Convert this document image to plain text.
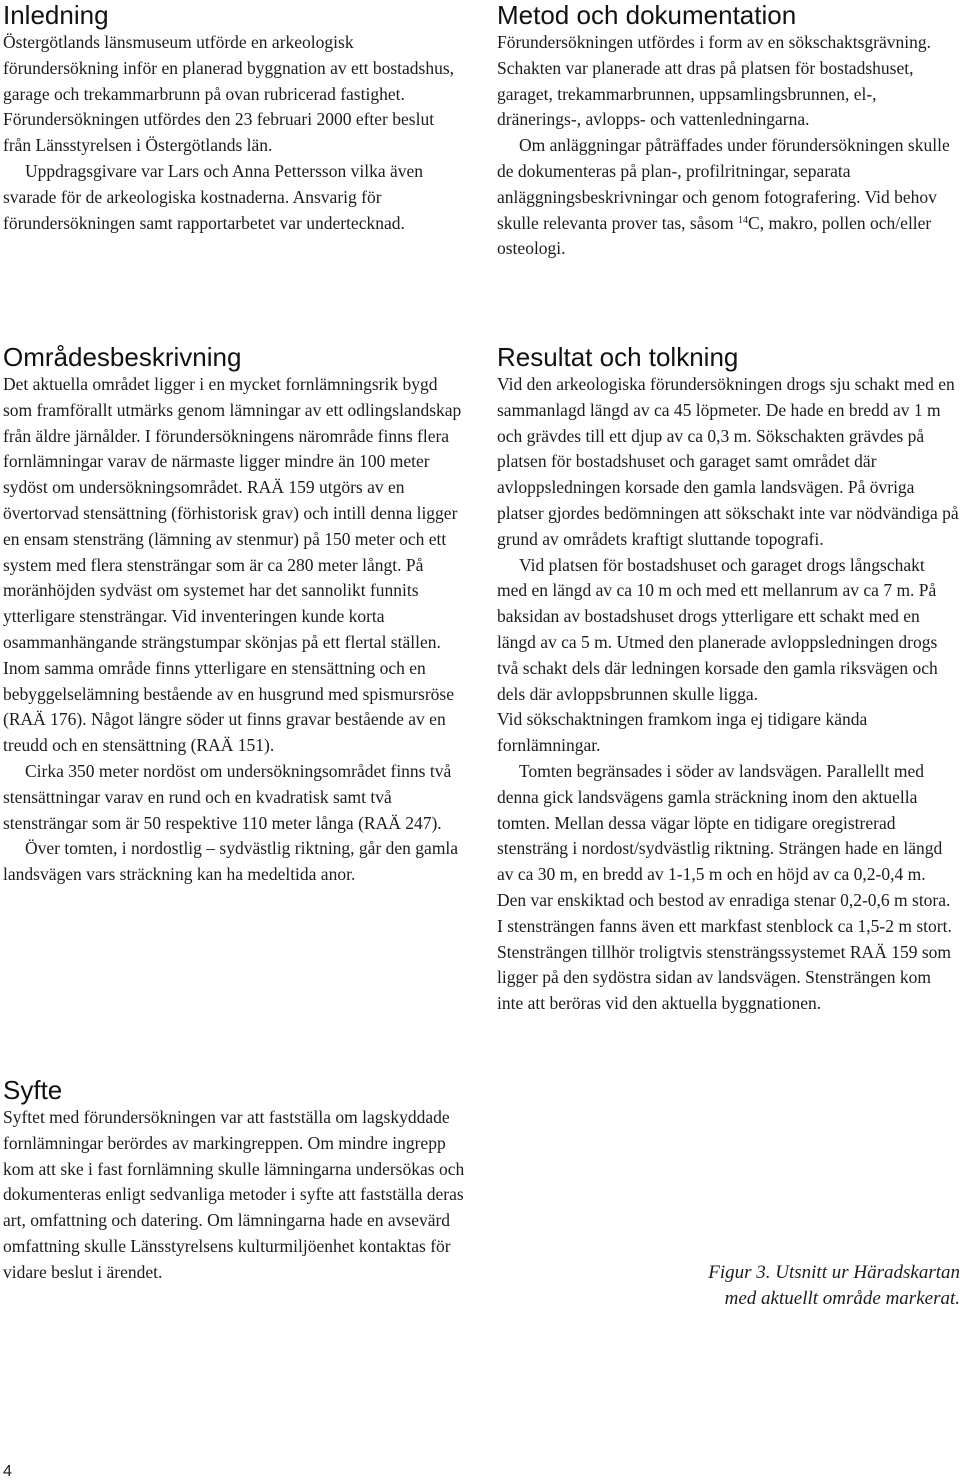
Inledning

Östergötlands länsmuseum utförde en arkeologisk förundersökning inför en planerad byggnation av ett bostadshus, garage och trekammarbrunn på ovan rubricerad fastighet. Förundersökningen utfördes den 23 februari 2000 efter beslut från Länsstyrelsen i Östergötlands län.

Uppdragsgivare var Lars och Anna Pettersson vilka även svarade för de arkeologiska kostnaderna. Ansvarig för förundersökningen samt rapportarbetet var undertecknad.

Områdesbeskrivning

Det aktuella området ligger i en mycket fornlämningsrik bygd som framförallt utmärks genom lämningar av ett odlingslandskap från äldre järnålder. I förundersökningens närområde finns flera fornlämningar varav de närmaste ligger mindre än 100 meter sydöst om undersökningsområdet. RAÄ 159 utgörs av en övertorvad stensättning (förhistorisk grav) och intill denna ligger en ensam stensträng (lämning av stenmur) på 150 meter och ett system med flera stensträngar som är ca 280 meter långt. På moränhöjden sydväst om systemet har det sannolikt funnits ytterligare stensträngar. Vid inventeringen kunde korta osammanhängande strängstumpar skönjas på ett flertal ställen. Inom samma område finns ytterligare en stensättning och en bebyggelselämning bestående av en husgrund med spismursröse (RAÄ 176). Något längre söder ut finns gravar bestående av en treudd och en stensättning (RAÄ 151).

Cirka 350 meter nordöst om undersökningsområdet finns två stensättningar varav en rund och en kvadratisk samt två stensträngar som är 50 respektive 110 meter långa (RAÄ 247).

Över tomten, i nordostlig – sydvästlig riktning, går den gamla landsvägen vars sträckning kan ha medeltida anor.

Syfte

Syftet med förundersökningen var att fastställa om lagskyddade fornlämningar berördes av markingreppen. Om mindre ingrepp kom att ske i fast fornlämning skulle lämningarna undersökas och dokumenteras enligt sedvanliga metoder i syfte att fastställa deras art, omfattning och datering. Om lämningarna hade en avsevärd omfattning skulle Länsstyrelsens kulturmiljöenhet kontaktas för vidare beslut i ärendet.

Metod och dokumentation

Förundersökningen utfördes i form av en sökschaktsgrävning. Schakten var planerade att dras på platsen för bostadshuset, garaget, trekammarbrunnen, uppsamlingsbrunnen, el-, dränerings-, avlopps- och vattenledningarna.

Om anläggningar påträffades under förundersökningen skulle de dokumenteras på plan-, profilritningar, separata anläggningsbeskrivningar och genom fotografering. Vid behov skulle relevanta prover tas, såsom $^{14}$C, makro, pollen och/eller osteologi.

Resultat och tolkning

Vid den arkeologiska förundersökningen drogs sju schakt med en sammanlagd längd av ca 45 löpmeter. De hade en bredd av 1 m och grävdes till ett djup av ca 0,3 m. Sökschakten grävdes på platsen för bostadshuset och garaget samt området där avloppsledningen korsade den gamla landsvägen. På övriga platser gjordes bedömningen att sökschakt inte var nödvändiga på grund av områdets kraftigt sluttande topografi.

Vid platsen för bostadshuset och garaget drogs långschakt med en längd av ca 10 m och med ett mellanrum av ca 7 m. På baksidan av bostadshuset drogs ytterligare ett schakt med en längd av ca 5 m. Utmed den planerade avloppsledningen drogs två schakt dels där ledningen korsade den gamla riksvägen och dels där avloppsbrunnen skulle ligga.

Vid sökschaktningen framkom inga ej tidigare kända fornlämningar.

Tomten begränsades i söder av landsvägen. Parallellt med denna gick landsvägens gamla sträckning inom den aktuella tomten. Mellan dessa vägar löpte en tidigare oregistrerad stensträng i nordost/sydvästlig riktning. Strängen hade en längd av ca 30 m, en bredd av 1-1,5 m och en höjd av ca 0,2-0,4 m. Den var enskiktad och bestod av enradiga stenar 0,2-0,6 m stora. I stensträngen fanns även ett markfast stenblock ca 1,5-2 m stort. Stensträngen tillhör troligtvis stensträngssystemet RAÄ 159 som ligger på den sydöstra sidan av landsvägen. Stensträngen kom inte att beröras vid den aktuella byggnationen.

Figur 3. Utsnitt ur Häradskartan
med aktuellt område markerat.
4
